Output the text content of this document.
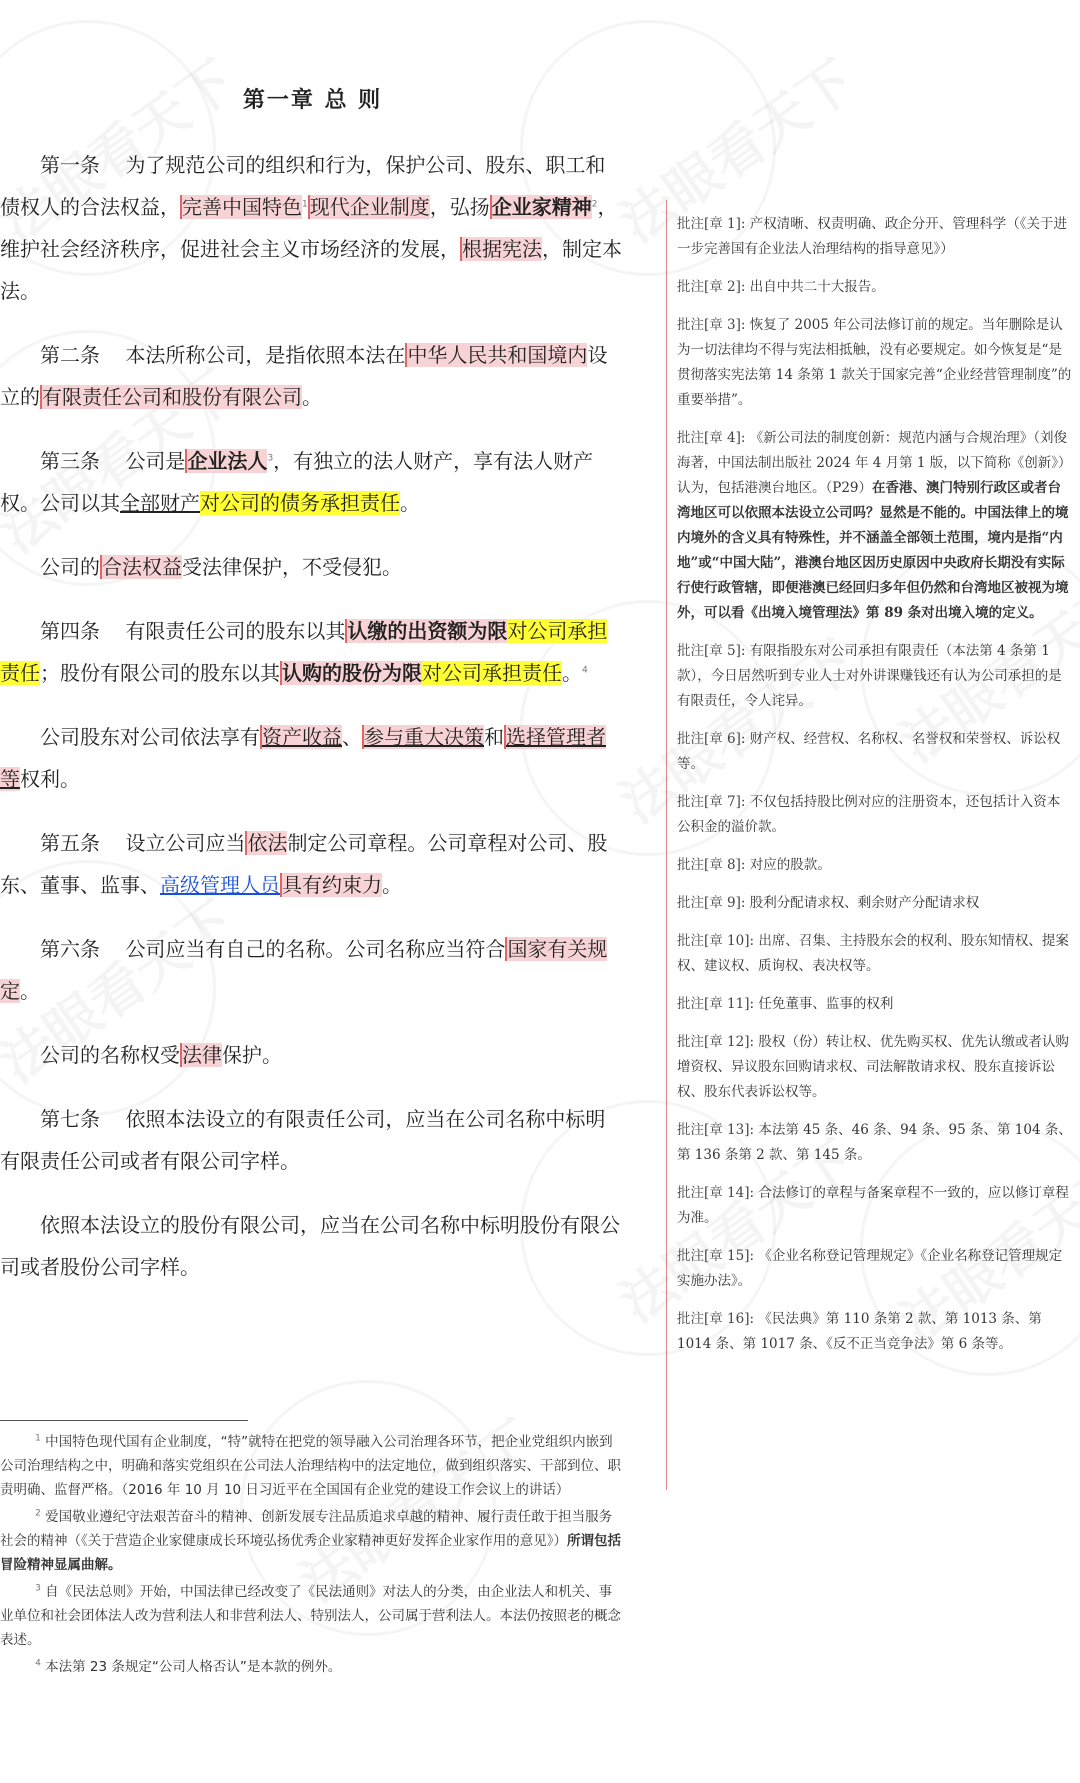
第一章 总 则

第一条 为了规范公司的组织和行为，保护公司、股东、职工和债权人的合法权益， 完善中国特色$^1$ 现代企业制度，弘扬 企业家精神$^2$，维护社会经济秩序，促进社会主义市场经济的发展， 根据宪法，制定本法。

第二条 本法所称公司，是指依照本法在 中华人民共和国境内设立的 有限责任公司和股份有限公司。

第三条 公司是 企业法人$^3$，有独立的法人财产，享有法人财产权。公司以其全部财产对公司的债务承担责任。

公司的 合法权益受法律保护，不受侵犯。

第四条 有限责任公司的股东以其 认缴的出资额为限对公司承担责任；股份有限公司的股东以其 认购的股份为限对公司承担责任。$^4$

公司股东对公司依法享有 资产收益、 参与重大决策和 选择管理者等权利。

第五条 设立公司应当 依法制定公司章程。公司章程对公司、股东、董事、监事、高级管理人员 具有约束力。

第六条 公司应当有自己的名称。公司名称应当符合 国家有关规定。

公司的名称权受 法律保护。

第七条 依照本法设立的有限责任公司，应当在公司名称中标明有限责任公司或者有限公司字样。

依照本法设立的股份有限公司，应当在公司名称中标明股份有限公司或者股份公司字样。

批注[章 1]: 产权清晰、权责明确、政企分开、管理科学（《关于进一步完善国有企业法人治理结构的指导意见》）
批注[章 2]: 出自中共二十大报告。
批注[章 3]: 恢复了 2005 年公司法修订前的规定。当年删除是认为一切法律均不得与宪法相抵触，没有必要规定。如今恢复是“是贯彻落实宪法第 14 条第 1 款关于国家完善“企业经营管理制度”的重要举措”。
批注[章 4]: 《新公司法的制度创新：规范内涵与合规治理》（刘俊海著，中国法制出版社 2024 年 4 月第 1 版，以下简称《创新》）认为，包括港澳台地区。（P29）在香港、澳门特别行政区或者台湾地区可以依照本法设立公司吗？显然是不能的。中国法律上的境内境外的含义具有特殊性，并不涵盖全部领土范围，境内是指“内地”或“中国大陆”，港澳台地区因历史原因中央政府长期没有实际行使行政管辖，即便港澳已经回归多年但仍然和台湾地区被视为境外，可以看《出境入境管理法》第 89 条对出境入境的定义。
批注[章 5]: 有限指股东对公司承担有限责任（本法第 4 条第 1 款），今日居然听到专业人士对外讲课赚钱还有认为公司承担的是有限责任，令人诧异。
批注[章 6]: 财产权、经营权、名称权、名誉权和荣誉权、诉讼权等。
批注[章 7]: 不仅包括持股比例对应的注册资本，还包括计入资本公积金的溢价款。
批注[章 8]: 对应的股款。
批注[章 9]: 股利分配请求权、剩余财产分配请求权
批注[章 10]: 出席、召集、主持股东会的权利、股东知情权、提案权、建议权、质询权、表决权等。
批注[章 11]: 任免董事、监事的权利
批注[章 12]: 股权（份）转让权、优先购买权、优先认缴或者认购增资权、异议股东回购请求权、司法解散请求权、股东直接诉讼权、股东代表诉讼权等。
批注[章 13]: 本法第 45 条、46 条、94 条、95 条、第 104 条、第 136 条第 2 款、第 145 条。
批注[章 14]: 合法修订的章程与备案章程不一致的，应以修订章程为准。
批注[章 15]: 《企业名称登记管理规定》《企业名称登记管理规定实施办法》。
批注[章 16]: 《民法典》第 110 条第 2 款、第 1013 条、第 1014 条、第 1017 条、《反不正当竞争法》第 6 条等。
$^1$ 中国特色现代国有企业制度，“特”就特在把党的领导融入公司治理各环节，把企业党组织内嵌到公司治理结构之中，明确和落实党组织在公司法人治理结构中的法定地位，做到组织落实、干部到位、职责明确、监督严格。（2016 年 10 月 10 日习近平在全国国有企业党的建设工作会议上的讲话）
$^2$ 爱国敬业遵纪守法艰苦奋斗的精神、创新发展专注品质追求卓越的精神、履行责任敢于担当服务社会的精神（《关于营造企业家健康成长环境弘扬优秀企业家精神更好发挥企业家作用的意见》）所谓包括冒险精神显属曲解。
$^3$ 自《民法总则》开始，中国法律已经改变了《民法通则》对法人的分类，由企业法人和机关、事业单位和社会团体法人改为营利法人和非营利法人、特别法人，公司属于营利法人。本法仍按照老的概念表述。
$^4$ 本法第 23 条规定“公司人格否认”是本款的例外。
